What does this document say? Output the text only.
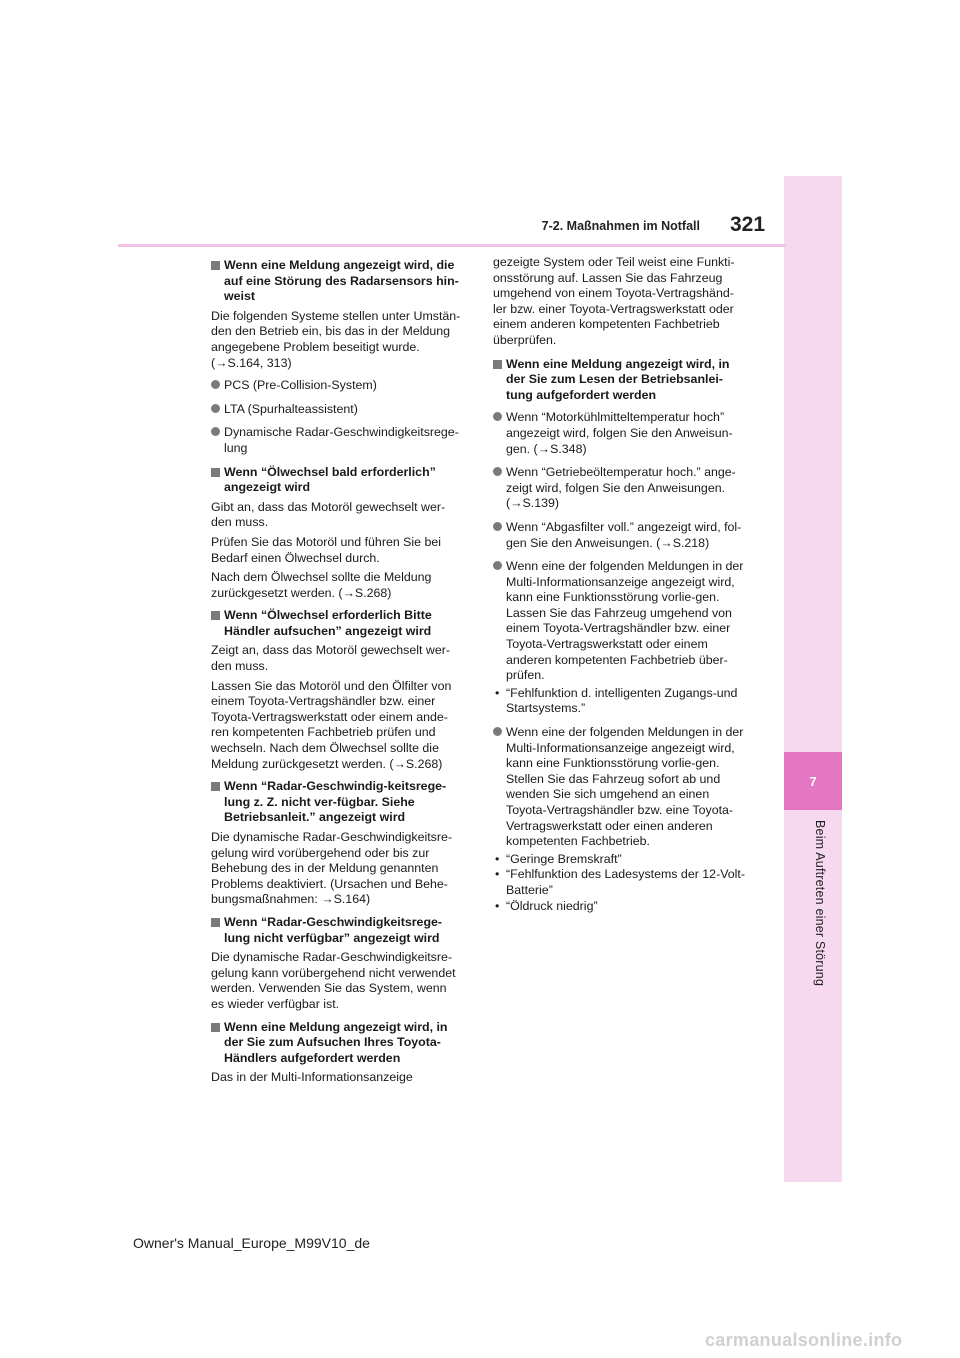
7
Beim Auftreten einer Störung
7-2. Maßnahmen im Notfall 321
Wenn eine Meldung angezeigt wird, die auf eine Störung des Radarsensors hin-weist

Die folgenden Systeme stellen unter Umstän-den den Betrieb ein, bis das in der Meldung angegebene Problem beseitigt wurde. (→S.164, 313)

PCS (Pre-Collision-System)
LTA (Spurhalteassistent)
Dynamische Radar-Geschwindigkeitsrege-lung
Wenn “Ölwechsel bald erforderlich” angezeigt wird

Gibt an, dass das Motoröl gewechselt wer-den muss.

Prüfen Sie das Motoröl und führen Sie bei Bedarf einen Ölwechsel durch.

Nach dem Ölwechsel sollte die Meldung zurückgesetzt werden. (→S.268)

Wenn “Ölwechsel erforderlich Bitte Händler aufsuchen” angezeigt wird

Zeigt an, dass das Motoröl gewechselt wer-den muss.

Lassen Sie das Motoröl und den Ölfilter von einem Toyota-Vertragshändler bzw. einer Toyota-Vertragswerkstatt oder einem ande-ren kompetenten Fachbetrieb prüfen und wechseln. Nach dem Ölwechsel sollte die Meldung zurückgesetzt werden. (→S.268)

Wenn “Radar-Geschwindig-keitsrege-lung z. Z. nicht ver-fügbar. Siehe Betriebsanleit.” angezeigt wird

Die dynamische Radar-Geschwindigkeitsre-gelung wird vorübergehend oder bis zur Behebung des in der Meldung genannten Problems deaktiviert. (Ursachen und Behe-bungsmaßnahmen: →S.164)

Wenn “Radar-Geschwindigkeitsrege-lung nicht verfügbar” angezeigt wird

Die dynamische Radar-Geschwindigkeitsre-gelung kann vorübergehend nicht verwendet werden. Verwenden Sie das System, wenn es wieder verfügbar ist.

Wenn eine Meldung angezeigt wird, in der Sie zum Aufsuchen Ihres Toyota-Händlers aufgefordert werden

Das in der Multi-Informationsanzeige

gezeigte System oder Teil weist eine Funkti-onsstörung auf. Lassen Sie das Fahrzeug umgehend von einem Toyota-Vertragshänd-ler bzw. einer Toyota-Vertragswerkstatt oder einem anderen kompetenten Fachbetrieb überprüfen.

Wenn eine Meldung angezeigt wird, in der Sie zum Lesen der Betriebsanlei-tung aufgefordert werden
Wenn “Motorkühlmitteltemperatur hoch” angezeigt wird, folgen Sie den Anweisun-gen. (→S.348)
Wenn “Getriebeöltemperatur hoch.” ange-zeigt wird, folgen Sie den Anweisungen. (→S.139)
Wenn “Abgasfilter voll.” angezeigt wird, fol-gen Sie den Anweisungen. (→S.218)
Wenn eine der folgenden Meldungen in der Multi-Informationsanzeige angezeigt wird, kann eine Funktionsstörung vorlie-gen. Lassen Sie das Fahrzeug umgehend von einem Toyota-Vertragshändler bzw. einer Toyota-Vertragswerkstatt oder einem anderen kompetenten Fachbetrieb über-prüfen.
• “Fehlfunktion d. intelligenten Zugangs-und Startsystems.”
Wenn eine der folgenden Meldungen in der Multi-Informationsanzeige angezeigt wird, kann eine Funktionsstörung vorlie-gen. Stellen Sie das Fahrzeug sofort ab und wenden Sie sich umgehend an einen Toyota-Vertragshändler bzw. eine Toyota-Vertragswerkstatt oder einen anderen kompetenten Fachbetrieb.
• “Geringe Bremskraft”
• “Fehlfunktion des Ladesystems der 12-Volt-Batterie”
• “Öldruck niedrig”
Owner's Manual_Europe_M99V10_de
carmanualsonline.info
